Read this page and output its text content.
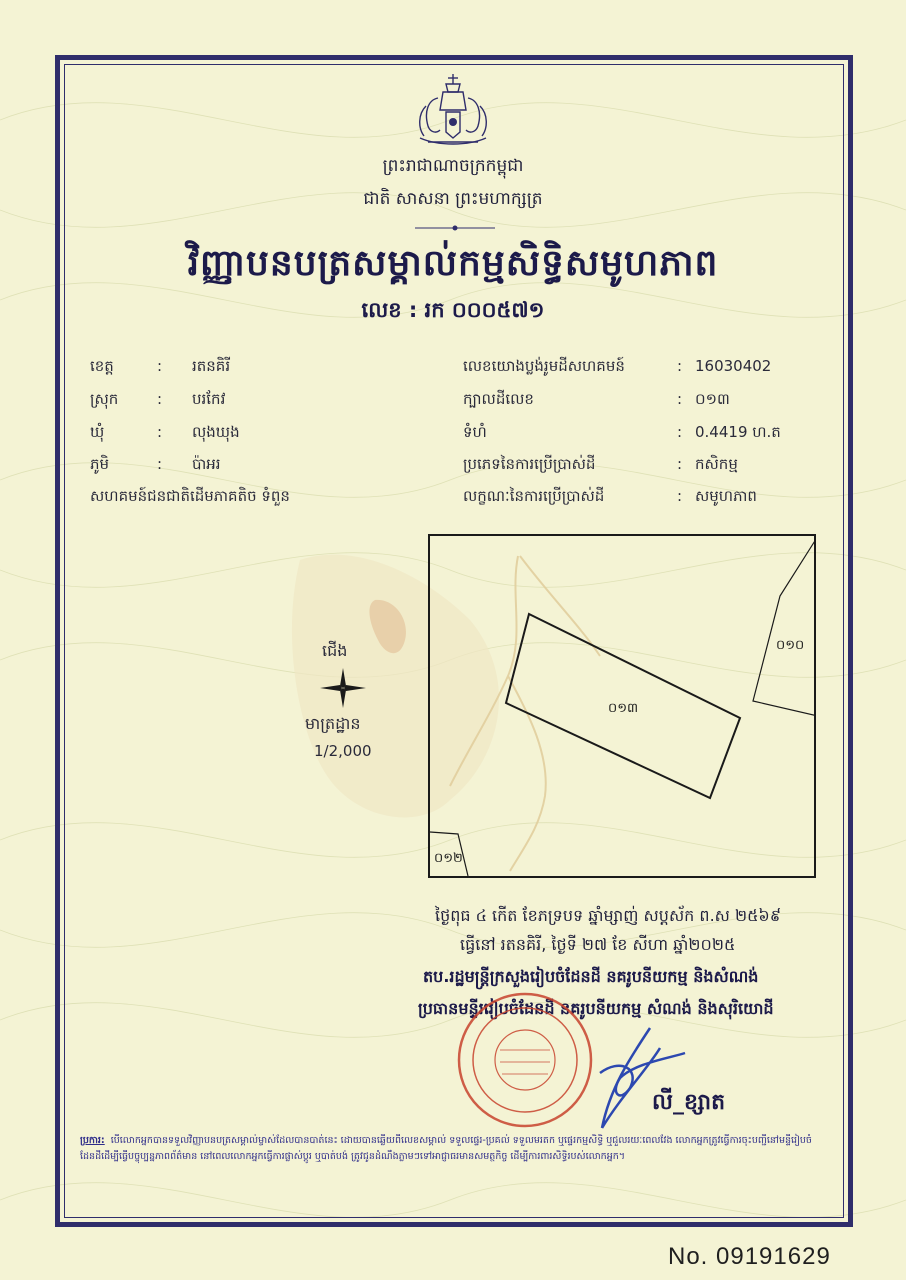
ព្រះរាជាណាចក្រកម្ពុជា
ជាតិ សាសនា ព្រះមហាក្សត្រ
វិញ្ញាបនបត្រសម្គាល់កម្មសិទ្ធិសមូហភាព
លេខ : រក ០០០៥៧១
ខេត្ត	: រតនគិរី
ស្រុក	: បរកែវ
ឃុំ	: លុងឃុង
ភូមិ	: ប៉ាអរ
សហគមន៍ជនជាតិដើមភាគតិច ទំពួន
លេខយោងប្លង់រូមដីសហគមន៍	: 16030402
ក្បាលដីលេខ	: ០១៣
ទំហំ	: 0.4419 ហ.ត
ប្រភេទនៃការប្រើប្រាស់ដី	: កសិកម្ម
លក្ខណៈនៃការប្រើប្រាស់ដី	: សមូហភាព
ជើង
មាត្រដ្ឋាន
1/2,000
០១៣
០១០
០១២
ថ្ងៃពុធ ៤ កើត ខែភទ្របទ ឆ្នាំម្សាញ់ សប្តស័ក ព.ស ២៥៦៩
ធ្វើនៅ រតនគិរី, ថ្ងៃទី ២៧ ខែ សីហា ឆ្នាំ២០២៥
តប.រដ្ឋមន្ត្រីក្រសួងរៀបចំដែនដី នគរូបនីយកម្ម និងសំណង់
ប្រធានមន្ទីររៀបចំដែនដី នគរូបនីយកម្ម សំណង់ និងសុរិយោដី
លី_ខ្សាត
ប្រការ: បើលោកអ្នកបានទទួលវិញ្ញាបនបត្រសម្គាល់ម្ចាស់ដែលបានបាត់នេះ ដោយបានឆ្លើយពីលេខសម្គាល់ ទទួលផ្ទេរ-ប្រគល់ ទទួលមរតក ឬផ្ទេរកម្មសិទ្ធិ ឬជួលរយៈពេលវែង លោកអ្នកត្រូវធ្វើការចុះបញ្ជីនៅមន្ទីរៀបចំដែនដីដើម្បីធ្វើបច្ចុប្បន្នភាពព័ត៌មាន នៅពេលលោកអ្នកធ្វើការផ្លាស់ប្តូរ ឬបាត់បង់ ត្រូវជូនដំណឹងភ្លាមៗទៅអាជ្ញាធរមានសមត្ថកិច្ច ដើម្បីការពារសិទ្ធិរបស់លោកអ្នក។
No. 09191629
